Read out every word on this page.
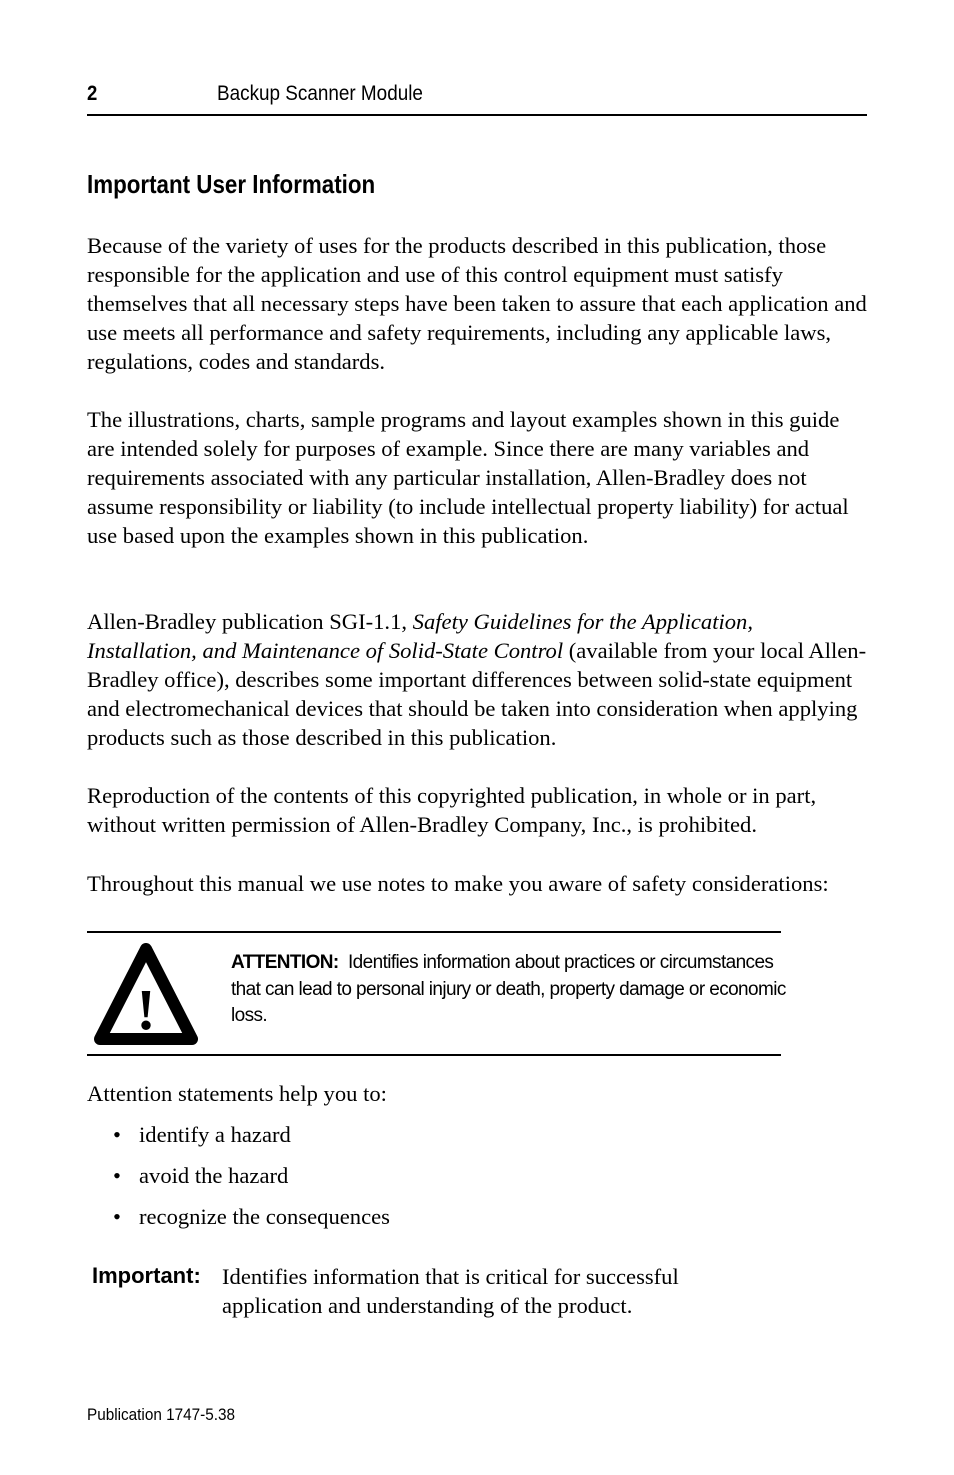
2	Backup Scanner Module
Important User Information

Because of the variety of uses for the products described in this publication, those responsible for the application and use of this control equipment must satisfy themselves that all necessary steps have been taken to assure that each application and use meets all performance and safety requirements, including any applicable laws, regulations, codes and standards.

The illustrations, charts, sample programs and layout examples shown in this guide are intended solely for purposes of example. Since there are many variables and requirements associated with any particular installation, Allen-Bradley does not assume responsibility or liability (to include intellectual property liability) for actual use based upon the examples shown in this publication.

Allen-Bradley publication SGI-1.1, Safety Guidelines for the Application, Installation, and Maintenance of Solid-State Control (available from your local Allen-Bradley office), describes some important differences between solid-state equipment and electromechanical devices that should be taken into consideration when applying products such as those described in this publication.

Reproduction of the contents of this copyrighted publication, in whole or in part, without written permission of Allen-Bradley Company, Inc., is prohibited.

Throughout this manual we use notes to make you aware of safety considerations:

!

ATTENTION: Identifies information about practices or circumstances that can lead to personal injury or death, property damage or economic loss.

Attention statements help you to:

• identify a hazard
• avoid the hazard
• recognize the consequences

Important: Identifies information that is critical for successful application and understanding of the product.

Publication 1747-5.38
